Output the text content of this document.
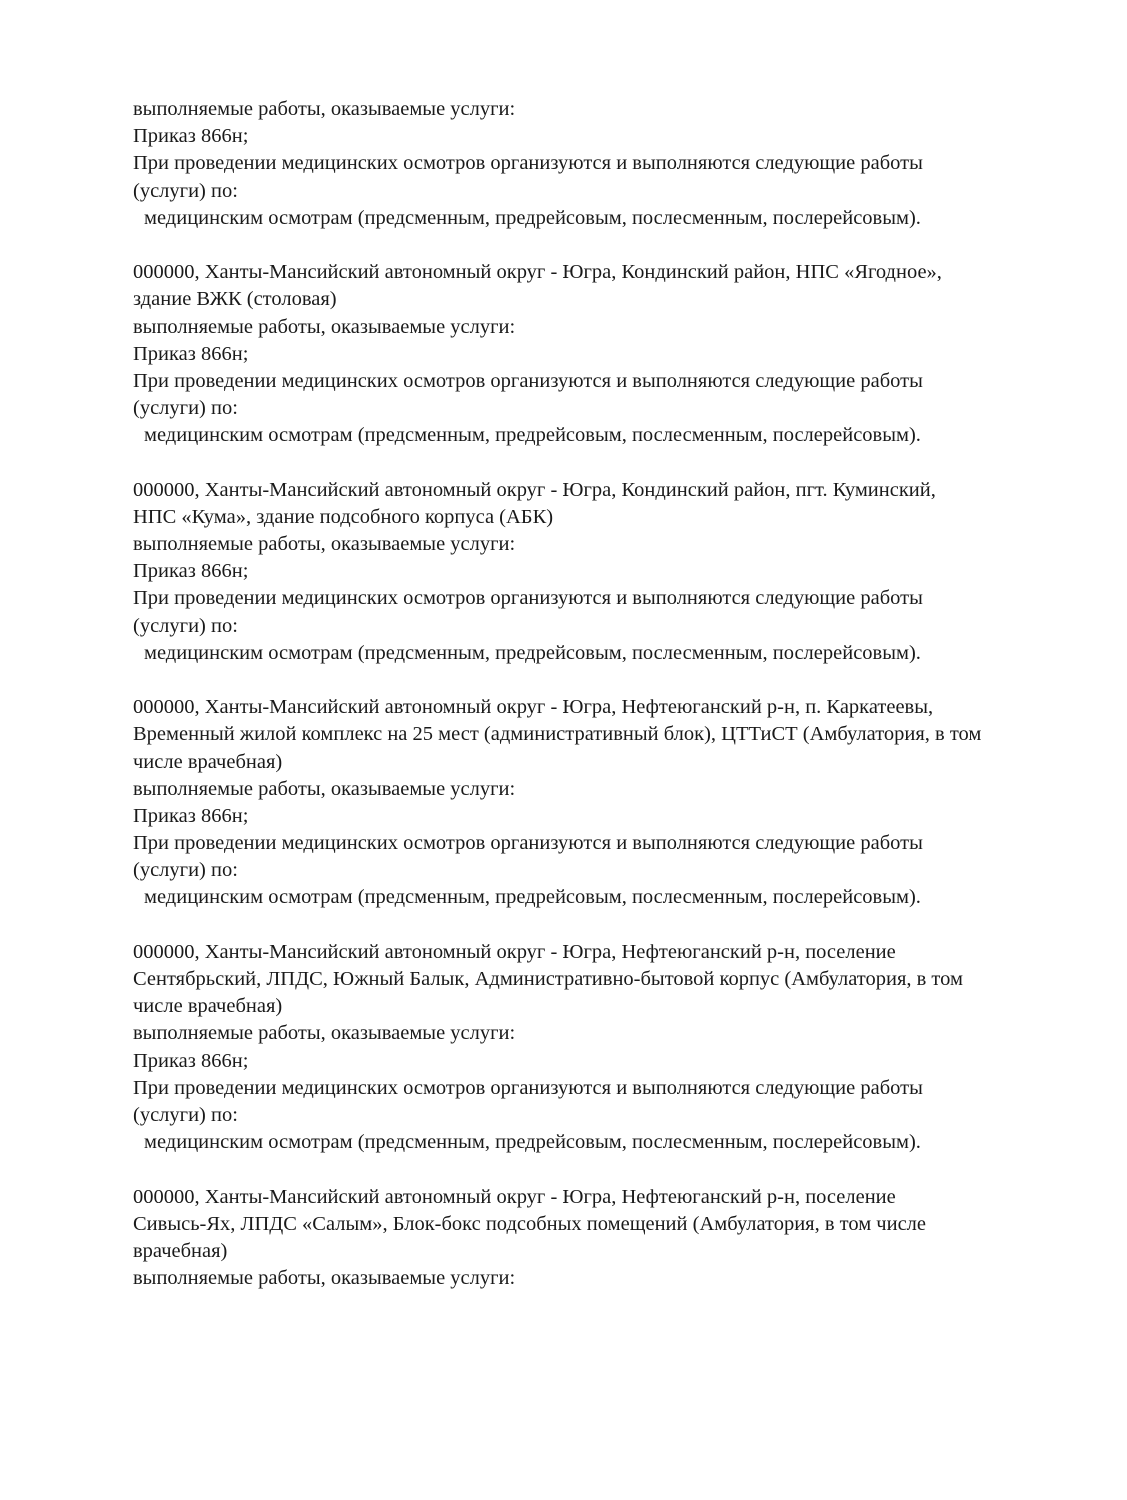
выполняемые работы, оказываемые услуги:
Приказ 866н;
При проведении медицинских осмотров организуются и выполняются следующие работы
(услуги) по:
медицинским осмотрам (предсменным, предрейсовым, послесменным, послерейсовым).
000000, Ханты-Мансийский автономный округ - Югра, Кондинский район, НПС «Ягодное»,
здание ВЖК (столовая)
выполняемые работы, оказываемые услуги:
Приказ 866н;
При проведении медицинских осмотров организуются и выполняются следующие работы
(услуги) по:
медицинским осмотрам (предсменным, предрейсовым, послесменным, послерейсовым).
000000, Ханты-Мансийский автономный округ - Югра, Кондинский район, пгт. Куминский,
НПС «Кума», здание подсобного корпуса (АБК)
выполняемые работы, оказываемые услуги:
Приказ 866н;
При проведении медицинских осмотров организуются и выполняются следующие работы
(услуги) по:
медицинским осмотрам (предсменным, предрейсовым, послесменным, послерейсовым).
000000, Ханты-Мансийский автономный округ - Югра, Нефтеюганский р-н, п. Каркатеевы,
Временный жилой комплекс на 25 мест (административный блок), ЦТТиСТ (Амбулатория, в том
числе врачебная)
выполняемые работы, оказываемые услуги:
Приказ 866н;
При проведении медицинских осмотров организуются и выполняются следующие работы
(услуги) по:
медицинским осмотрам (предсменным, предрейсовым, послесменным, послерейсовым).
000000, Ханты-Мансийский автономный округ - Югра, Нефтеюганский р-н, поселение
Сентябрьский, ЛПДС, Южный Балык, Административно-бытовой корпус (Амбулатория, в том
числе врачебная)
выполняемые работы, оказываемые услуги:
Приказ 866н;
При проведении медицинских осмотров организуются и выполняются следующие работы
(услуги) по:
медицинским осмотрам (предсменным, предрейсовым, послесменным, послерейсовым).
000000, Ханты-Мансийский автономный округ - Югра, Нефтеюганский р-н, поселение
Сивысь-Ях, ЛПДС «Салым», Блок-бокс подсобных помещений (Амбулатория, в том числе
врачебная)
выполняемые работы, оказываемые услуги:
